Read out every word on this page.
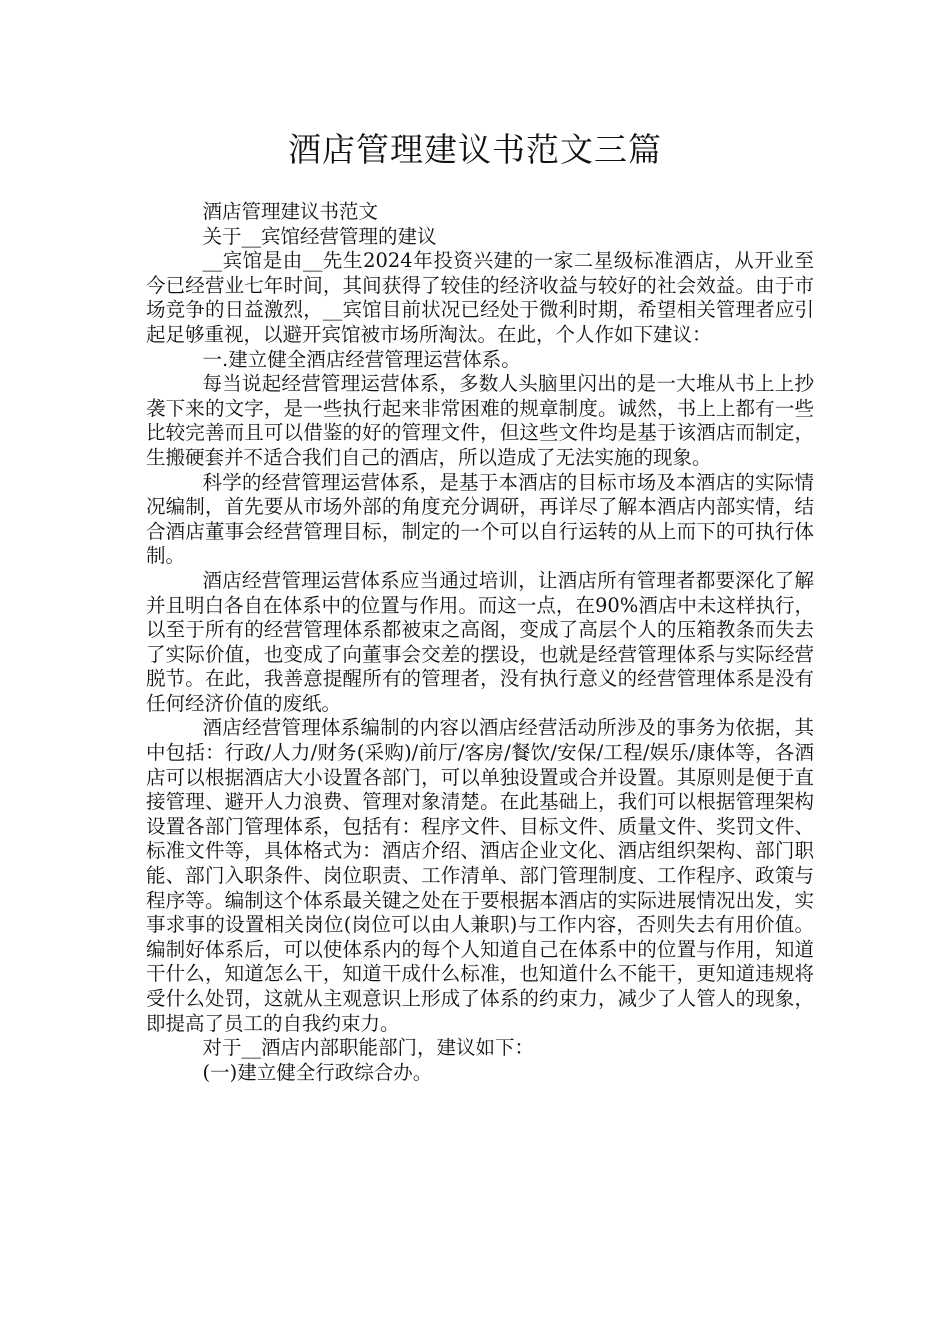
酒店管理建议书范文三篇

酒店管理建议书范文

关于__宾馆经营管理的建议

__宾馆是由__先生2024年投资兴建的一家二星级标准酒店，从开业至今已经营业七年时间，其间获得了较佳的经济收益与较好的社会效益。由于市场竞争的日益激烈，__宾馆目前状况已经处于微利时期，希望相关管理者应引起足够重视，以避开宾馆被市场所淘汰。在此，个人作如下建议：

一.建立健全酒店经营管理运营体系。

每当说起经营管理运营体系，多数人头脑里闪出的是一大堆从书上上抄袭下来的文字，是一些执行起来非常困难的规章制度。诚然，书上上都有一些比较完善而且可以借鉴的好的管理文件，但这些文件均是基于该酒店而制定，生搬硬套并不适合我们自己的酒店，所以造成了无法实施的现象。

科学的经营管理运营体系，是基于本酒店的目标市场及本酒店的实际情况编制，首先要从市场外部的角度充分调研，再详尽了解本酒店内部实情，结合酒店董事会经营管理目标，制定的一个可以自行运转的从上而下的可执行体制。

酒店经营管理运营体系应当通过培训，让酒店所有管理者都要深化了解并且明白各自在体系中的位置与作用。而这一点，在90%酒店中未这样执行，以至于所有的经营管理体系都被束之高阁，变成了高层个人的压箱教条而失去了实际价值，也变成了向董事会交差的摆设，也就是经营管理体系与实际经营脱节。在此，我善意提醒所有的管理者，没有执行意义的经营管理体系是没有任何经济价值的废纸。

酒店经营管理体系编制的内容以酒店经营活动所涉及的事务为依据，其中包括：行政/人力/财务(采购)/前厅/客房/餐饮/安保/工程/娱乐/康体等，各酒店可以根据酒店大小设置各部门，可以单独设置或合并设置。其原则是便于直接管理、避开人力浪费、管理对象清楚。在此基础上，我们可以根据管理架构设置各部门管理体系，包括有：程序文件、目标文件、质量文件、奖罚文件、标准文件等，具体格式为：酒店介绍、酒店企业文化、酒店组织架构、部门职能、部门入职条件、岗位职责、工作清单、部门管理制度、工作程序、政策与程序等。编制这个体系最关键之处在于要根据本酒店的实际进展情况出发，实事求事的设置相关岗位(岗位可以由人兼职)与工作内容，否则失去有用价值。编制好体系后，可以使体系内的每个人知道自己在体系中的位置与作用，知道干什么，知道怎么干，知道干成什么标准，也知道什么不能干，更知道违规将受什么处罚，这就从主观意识上形成了体系的约束力，减少了人管人的现象，即提高了员工的自我约束力。

对于__酒店内部职能部门，建议如下：

(一)建立健全行政综合办。
